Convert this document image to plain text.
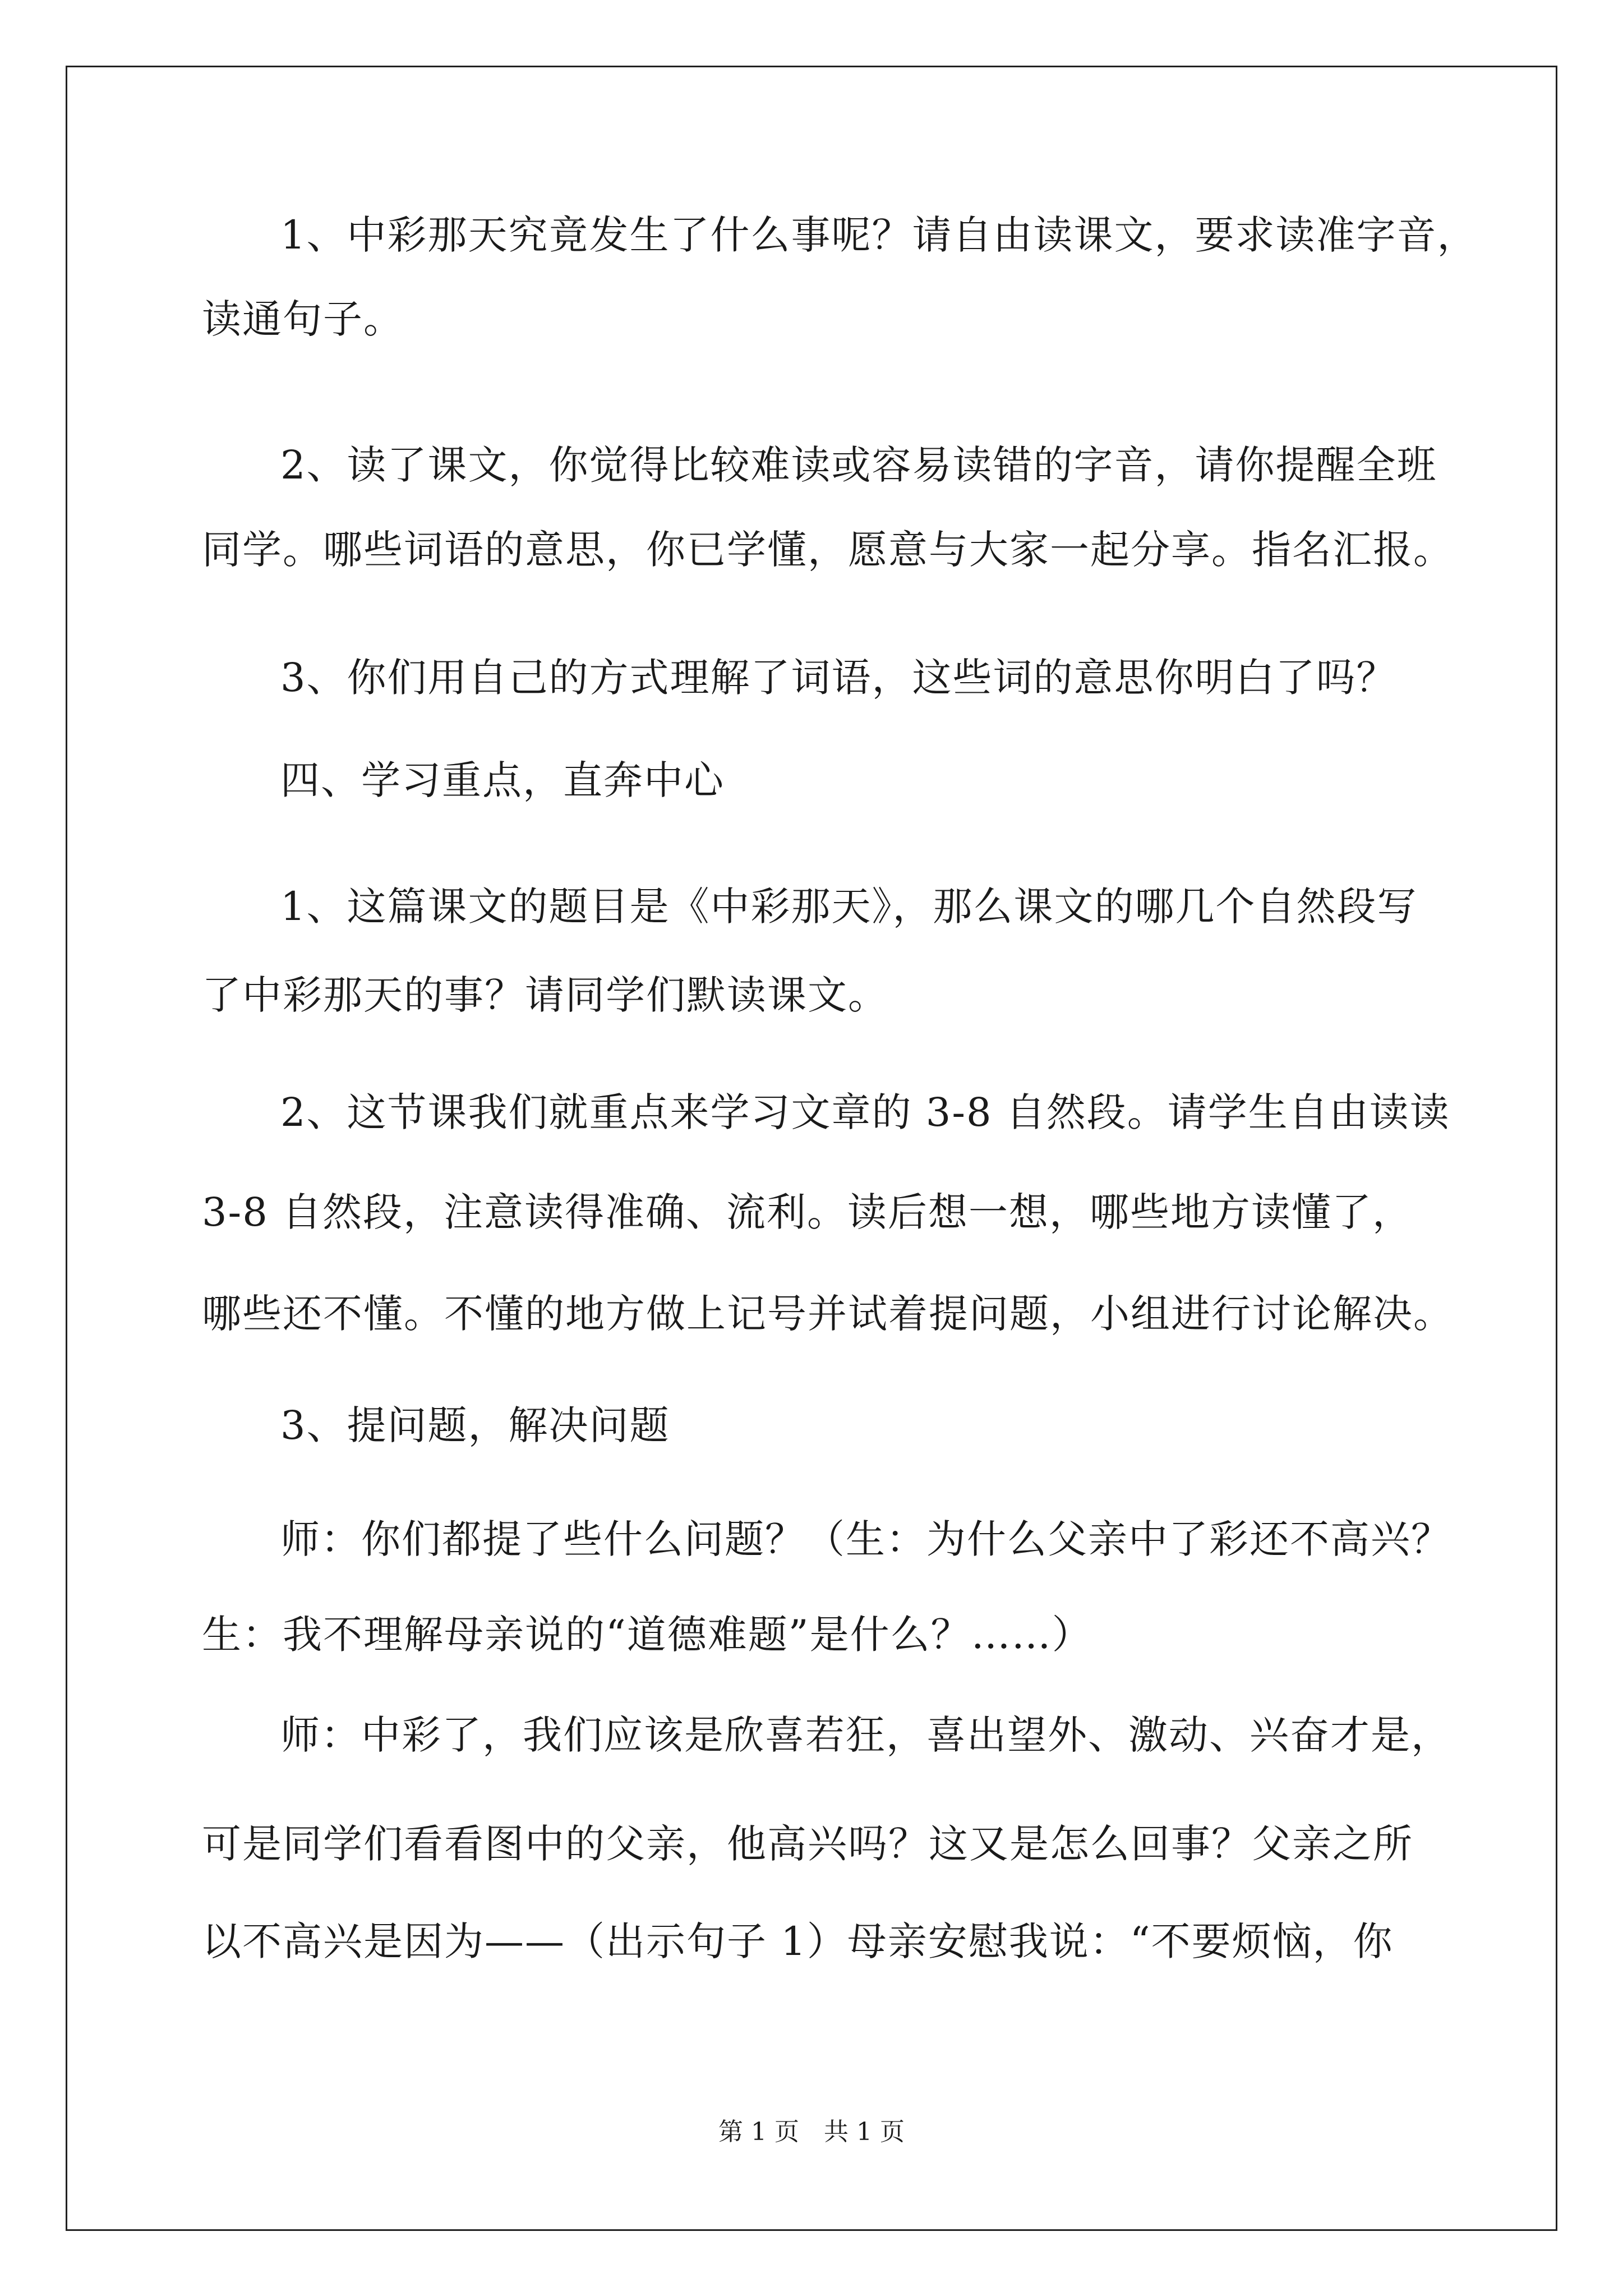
1、中彩那天究竟发生了什么事呢？请自由读课文，要求读准字音，
读通句子。
2、读了课文，你觉得比较难读或容易读错的字音，请你提醒全班
同学。哪些词语的意思，你已学懂，愿意与大家一起分享。指名汇报。
3、你们用自己的方式理解了词语，这些词的意思你明白了吗？
四、学习重点，直奔中心
1、这篇课文的题目是《中彩那天》，那么课文的哪几个自然段写
了中彩那天的事？请同学们默读课文。
2、这节课我们就重点来学习文章的 3-8 自然段。请学生自由读读
3-8 自然段，注意读得准确、流利。读后想一想，哪些地方读懂了，
哪些还不懂。不懂的地方做上记号并试着提问题，小组进行讨论解决。
3、提问题，解决问题
师：你们都提了些什么问题？（生：为什么父亲中了彩还不高兴？
生：我不理解母亲说的“道德难题”是什么？……）
师：中彩了，我们应该是欣喜若狂，喜出望外、激动、兴奋才是，
可是同学们看看图中的父亲，他高兴吗？这又是怎么回事？父亲之所
以不高兴是因为——（出示句子 1）母亲安慰我说：“不要烦恼，你
第 1 页　共 1 页
